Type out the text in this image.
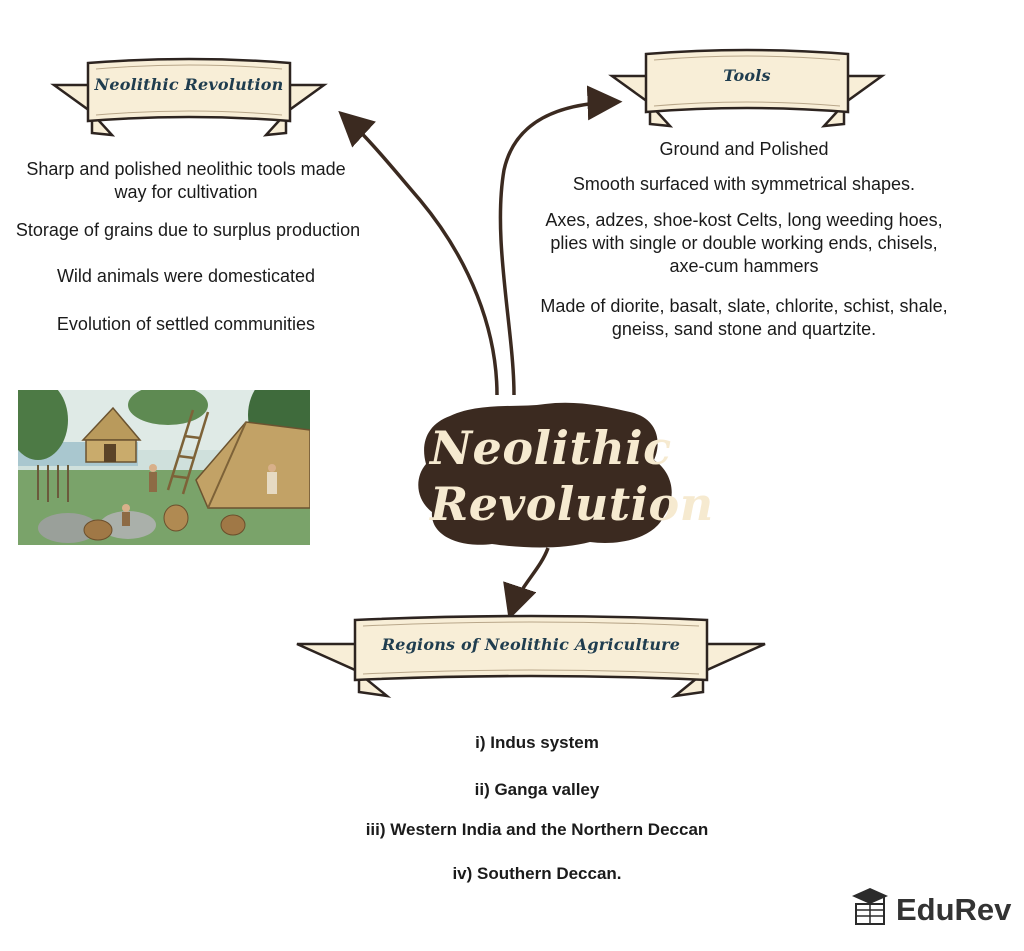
Neolithic Revolution	Tools
Regions of Neolithic Agriculture
Sharp and polished neolithic tools made way for cultivation
Storage of grains due to surplus production
Wild animals were domesticated
Evolution of settled communities
Ground and Polished
Smooth surfaced with symmetrical shapes.
Axes, adzes, shoe-kost Celts, long weeding hoes, plies with single or double working ends, chisels, axe-cum hammers
Made of diorite, basalt, slate, chlorite, schist, shale, gneiss, sand stone and quartzite.
Neolithic
Revolution
i) Indus system
ii) Ganga valley
iii) Western India and the Northern Deccan
iv) Southern Deccan.
EduRev
